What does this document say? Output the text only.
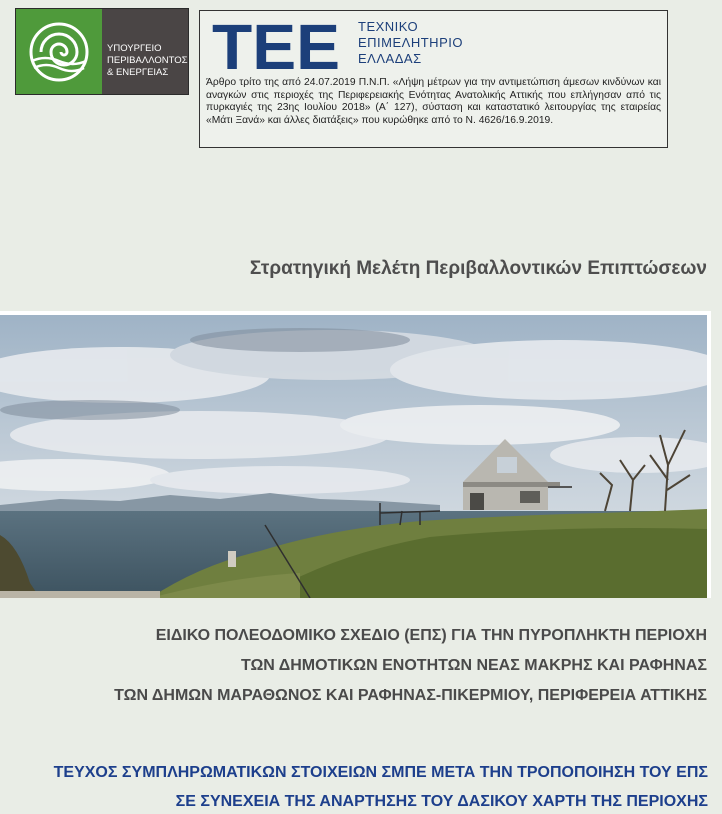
ΥΠΟΥΡΓΕΙΟ
ΠΕΡΙΒΑΛΛΟΝΤΟΣ
& ΕΝΕΡΓΕΙΑΣ ΤΕΕ ΤΕΧΝΙΚΟ
ΕΠΙΜΕΛΗΤΗΡΙΟ
ΕΛΛΑΔΑΣ
Άρθρο τρίτο της από 24.07.2019 Π.Ν.Π. «Λήψη μέτρων για την αντιμετώπιση άμεσων κινδύνων και αναγκών στις περιοχές της Περιφερειακής Ενότητας Ανατολικής Αττικής που επλήγησαν από τις πυρκαγιές της 23ης Ιουλίου 2018» (Α΄ 127), σύσταση και καταστατικό λειτουργίας της εταιρείας «Μάτι Ξανά» και άλλες διατάξεις» που κυρώθηκε από το Ν. 4626/16.9.2019.
Στρατηγική Μελέτη Περιβαλλοντικών Επιπτώσεων
ΕΙΔΙΚΟ ΠΟΛΕΟΔΟΜΙΚΟ ΣΧΕΔΙΟ (ΕΠΣ) ΓΙΑ ΤΗΝ ΠΥΡΟΠΛΗΚΤΗ ΠΕΡΙΟΧΗ
ΤΩΝ ΔΗΜΟΤΙΚΩΝ ΕΝΟΤΗΤΩΝ ΝΕΑΣ ΜΑΚΡΗΣ ΚΑΙ ΡΑΦΗΝΑΣ
ΤΩΝ ΔΗΜΩΝ ΜΑΡΑΘΩΝΟΣ ΚΑΙ ΡΑΦΗΝΑΣ-ΠΙΚΕΡΜΙΟΥ, ΠΕΡΙΦΕΡΕΙΑ ΑΤΤΙΚΗΣ
ΤΕΥΧΟΣ ΣΥΜΠΛΗΡΩΜΑΤΙΚΩΝ ΣΤΟΙΧΕΙΩΝ ΣΜΠΕ ΜΕΤΑ ΤΗΝ ΤΡΟΠΟΠΟΙΗΣΗ ΤΟΥ ΕΠΣ
ΣΕ ΣΥΝΕΧΕΙΑ ΤΗΣ ΑΝΑΡΤΗΣΗΣ ΤΟΥ ΔΑΣΙΚΟΥ ΧΑΡΤΗ ΤΗΣ ΠΕΡΙΟΧΗΣ
